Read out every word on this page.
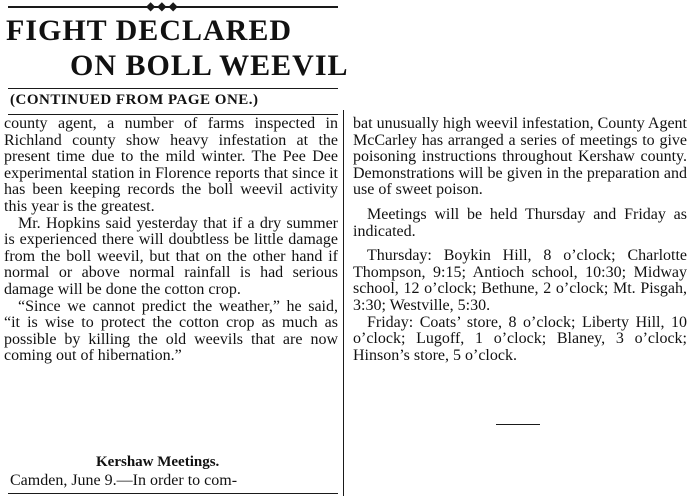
◆◆◆
FIGHT DECLARED
ON BOLL WEEVIL
(CONTINUED FROM PAGE ONE.)

county agent, a number of farms inspected in Richland county show heavy infestation at the present time due to the mild winter. The Pee Dee experimental station in Florence reports that since it has been keeping records the boll weevil activity this year is the greatest.

Mr. Hopkins said yesterday that if a dry summer is experienced there will doubtless be little damage from the boll weevil, but that on the other hand if normal or above normal rainfall is had serious damage will be done the cotton crop.

“Since we cannot predict the weather,” he said, “it is wise to protect the cotton crop as much as possible by killing the old weevils that are now coming out of hibernation.”

Kershaw Meetings.
Camden, June 9.—In order to com-

bat unusually high weevil infestation, County Agent McCarley has arranged a series of meetings to give poisoning instructions throughout Kershaw county. Demonstrations will be given in the preparation and use of sweet poison.

Meetings will be held Thursday and Friday as indicated.

Thursday: Boykin Hill, 8 o’clock; Charlotte Thompson, 9:15; Antioch school, 10:30; Midway school, 12 o’clock; Bethune, 2 o’clock; Mt. Pisgah, 3:30; Westville, 5:30.

Friday: Coats’ store, 8 o’clock; Liberty Hill, 10 o’clock; Lugoff, 1 o’clock; Blaney, 3 o’clock; Hinson’s store, 5 o’clock.
